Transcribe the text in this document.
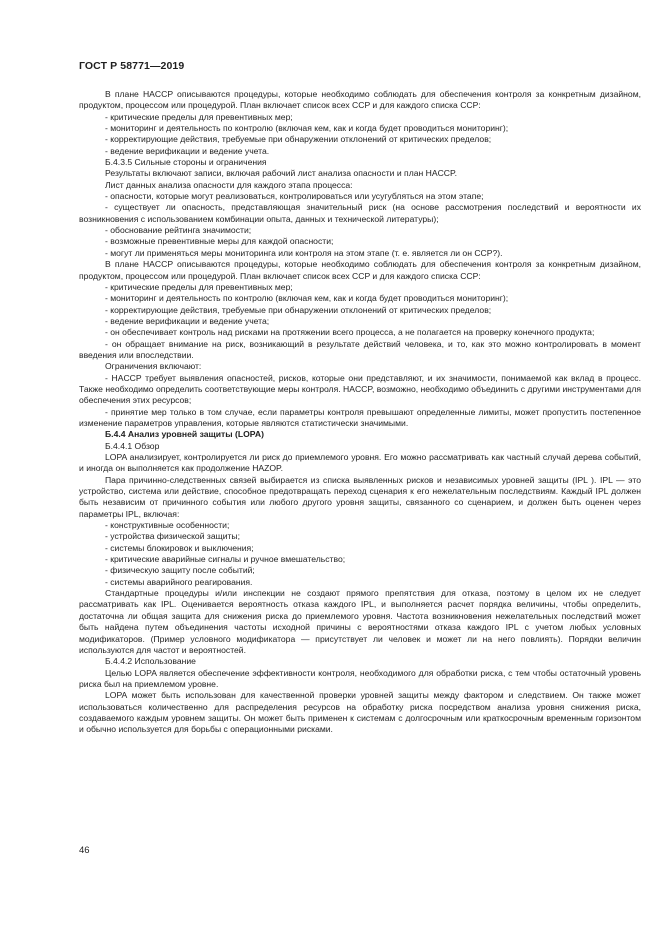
ГОСТ Р 58771—2019

В плане HACCP описываются процедуры, которые необходимо соблюдать для обеспечения контроля за конкретным дизайном, продуктом, процессом или процедурой. План включает список всех CCP и для каждого списка CCP:

- критические пределы для превентивных мер;

- мониторинг и деятельность по контролю (включая кем, как и когда будет проводиться мониторинг);

- корректирующие действия, требуемые при обнаружении отклонений от критических пределов;

- ведение верификации и ведение учета.

Б.4.3.5 Сильные стороны и ограничения

Результаты включают записи, включая рабочий лист анализа опасности и план HACCP.

Лист данных анализа опасности для каждого этапа процесса:

- опасности, которые могут реализоваться, контролироваться или усугубляться на этом этапе;

- существует ли опасность, представляющая значительный риск (на основе рассмотрения последствий и вероятности их возникновения с использованием комбинации опыта, данных и технической литературы);

- обоснование рейтинга значимости;

- возможные превентивные меры для каждой опасности;

- могут ли применяться меры мониторинга или контроля на этом этапе (т. е. является ли он CCP?).

В плане HACCP описываются процедуры, которые необходимо соблюдать для обеспечения контроля за конкретным дизайном, продуктом, процессом или процедурой. План включает список всех CCP и для каждого списка CCP:

- критические пределы для превентивных мер;

- мониторинг и деятельность по контролю (включая кем, как и когда будет проводиться мониторинг);

- корректирующие действия, требуемые при обнаружении отклонений от критических пределов;

- ведение верификации и ведение учета;

- он обеспечивает контроль над рисками на протяжении всего процесса, а не полагается на проверку конечного продукта;

- он обращает внимание на риск, возникающий в результате действий человека, и то, как это можно контролировать в момент введения или впоследствии.

Ограничения включают:

- HACCP требует выявления опасностей, рисков, которые они представляют, и их значимости, понимаемой как вклад в процесс. Также необходимо определить соответствующие меры контроля. HACCP, возможно, необходимо объединить с другими инструментами для обеспечения этих ресурсов;

- принятие мер только в том случае, если параметры контроля превышают определенные лимиты, может пропустить постепенное изменение параметров управления, которые являются статистически значимыми.

Б.4.4 Анализ уровней защиты (LOPA)

Б.4.4.1 Обзор

LOPA анализирует, контролируется ли риск до приемлемого уровня. Его можно рассматривать как частный случай дерева событий, и иногда он выполняется как продолжение HAZOP.

Пара причинно-следственных связей выбирается из списка выявленных рисков и независимых уровней защиты (IPL ). IPL — это устройство, система или действие, способное предотвращать переход сценария к его нежелательным последствиям. Каждый IPL должен быть независим от причинного события или любого другого уровня защиты, связанного со сценарием, и должен быть оценен через параметры IPL, включая:

- конструктивные особенности;

- устройства физической защиты;

- системы блокировок и выключения;

- критические аварийные сигналы и ручное вмешательство;

- физическую защиту после событий;

- системы аварийного реагирования.

Стандартные процедуры и/или инспекции не создают прямого препятствия для отказа, поэтому в целом их не следует рассматривать как IPL. Оценивается вероятность отказа каждого IPL, и выполняется расчет порядка величины, чтобы определить, достаточна ли общая защита для снижения риска до приемлемого уровня. Частота возникновения нежелательных последствий может быть найдена путем объединения частоты исходной причины с вероятностями отказа каждого IPL с учетом любых условных модификаторов. (Пример условного модификатора — присутствует ли человек и может ли на него повлиять). Порядки величин используются для частот и вероятностей.

Б.4.4.2 Использование

Целью LOPA является обеспечение эффективности контроля, необходимого для обработки риска, с тем чтобы остаточный уровень риска был на приемлемом уровне.

LOPA может быть использован для качественной проверки уровней защиты между фактором и следствием. Он также может использоваться количественно для распределения ресурсов на обработку риска посредством анализа уровня снижения риска, создаваемого каждым уровнем защиты. Он может быть применен к системам с долгосрочным или краткосрочным временным горизонтом и обычно используется для борьбы с операционными рисками.

46
